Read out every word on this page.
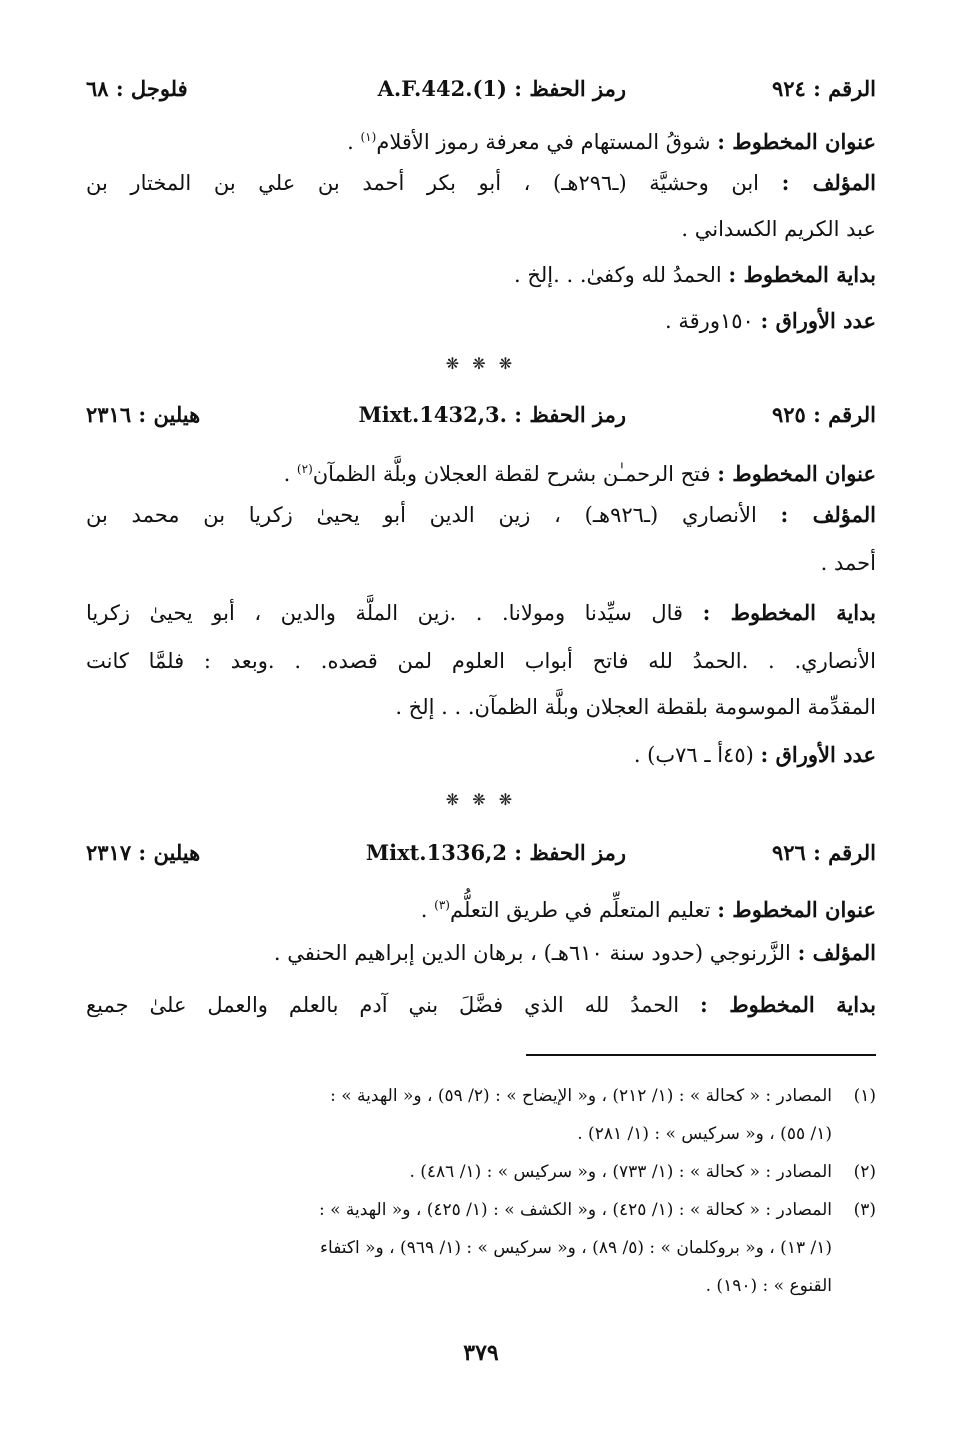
الرقم : ٩٢٤
رمز الحفظ : A.F.442.(1)
فلوجل : ٦٨
عنوان المخطوط : شوقُ المستهام في معرفة رموز الأقلام$^{(١)}$ .
المؤلف : ابن وحشيَّة (ـ٢٩٦هـ) ، أبو بكر أحمد بن علي بن المختار بن
عبد الكريم الكسداني .
بداية المخطوط : الحمدُ لله وكفىٰ. . .إلخ .
عدد الأوراق : ١٥٠ورقة .
❋ ❋ ❋
الرقم : ٩٢٥
رمز الحفظ : Mixt.1432,3.
هيلين : ٢٣١٦
عنوان المخطوط : فتح الرحمـٰن بشرح لقطة العجلان وبلَّة الظمآن$^{(٢)}$ .
المؤلف : الأنصاري (ـ٩٢٦هـ) ، زين الدين أبو يحيىٰ زكريا بن محمد بن
أحمد .
بداية المخطوط : قال سيِّدنا ومولانا. . .زين الملَّة والدين ، أبو يحيىٰ زكريا
الأنصاري. . .الحمدُ لله فاتح أبواب العلوم لمن قصده. . .وبعد : فلمَّا كانت
المقدِّمة الموسومة بلقطة العجلان وبلَّة الظمآن. . . إلخ .
عدد الأوراق : (٤٥أ ـ ٧٦ب) .
❋ ❋ ❋
الرقم : ٩٢٦
رمز الحفظ : Mixt.1336,2
هيلين : ٢٣١٧
عنوان المخطوط : تعليم المتعلِّم في طريق التعلُّم$^{(٣)}$ .
المؤلف : الزَّرنوجي (حدود سنة ٦١٠هـ) ، برهان الدين إبراهيم الحنفي .
بداية المخطوط : الحمدُ لله الذي فضَّلَ بني آدم بالعلم والعمل علىٰ جميع
(١)المصادر : « كحالة » : (١/ ٢١٢) ، و« الإيضاح » : (٢/ ٥٩) ، و« الهدية » :
(١/ ٥٥) ، و« سركيس » : (١/ ٢٨١) .
(٢)المصادر : « كحالة » : (١/ ٧٣٣) ، و« سركيس » : (١/ ٤٨٦) .
(٣)المصادر : « كحالة » : (١/ ٤٢٥) ، و« الكشف » : (١/ ٤٢٥) ، و« الهدية » :
(١/ ١٣) ، و« بروكلمان » : (٥/ ٨٩) ، و« سركيس » : (١/ ٩٦٩) ، و« اكتفاء
القنوع » : (١٩٠) .
٣٧٩
